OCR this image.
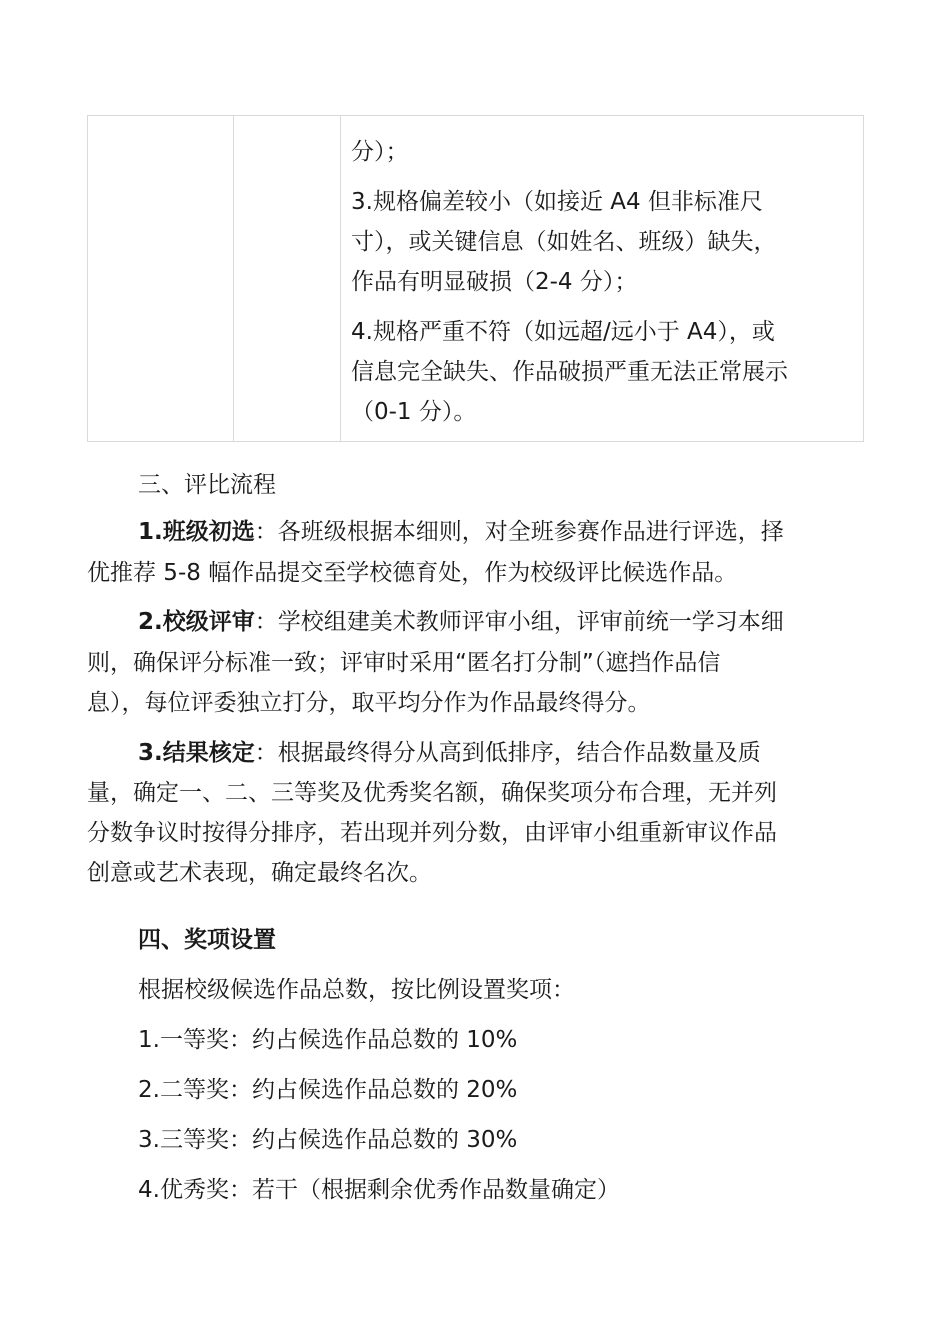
分）；

3.规格偏差较小（如接近 A4 但非标准尺
寸），或关键信息（如姓名、班级）缺失，
作品有明显破损（2-4 分）；

4.规格严重不符（如远超/远小于 A4），或
信息完全缺失、作品破损严重无法正常展示
（0-1 分）。

三、评比流程
1.班级初选：各班级根据本细则，对全班参赛作品进行评选，择
优推荐 5-8 幅作品提交至学校德育处，作为校级评比候选作品。
2.校级评审：学校组建美术教师评审小组，评审前统一学习本细
则，确保评分标准一致；评审时采用“匿名打分制”（遮挡作品信
息），每位评委独立打分，取平均分作为作品最终得分。
3.结果核定：根据最终得分从高到低排序，结合作品数量及质
量，确定一、二、三等奖及优秀奖名额，确保奖项分布合理，无并列
分数争议时按得分排序，若出现并列分数，由评审小组重新审议作品
创意或艺术表现，确定最终名次。
四、奖项设置
根据校级候选作品总数，按比例设置奖项：
1.一等奖：约占候选作品总数的 10%
2.二等奖：约占候选作品总数的 20%
3.三等奖：约占候选作品总数的 30%
4.优秀奖：若干（根据剩余优秀作品数量确定）
